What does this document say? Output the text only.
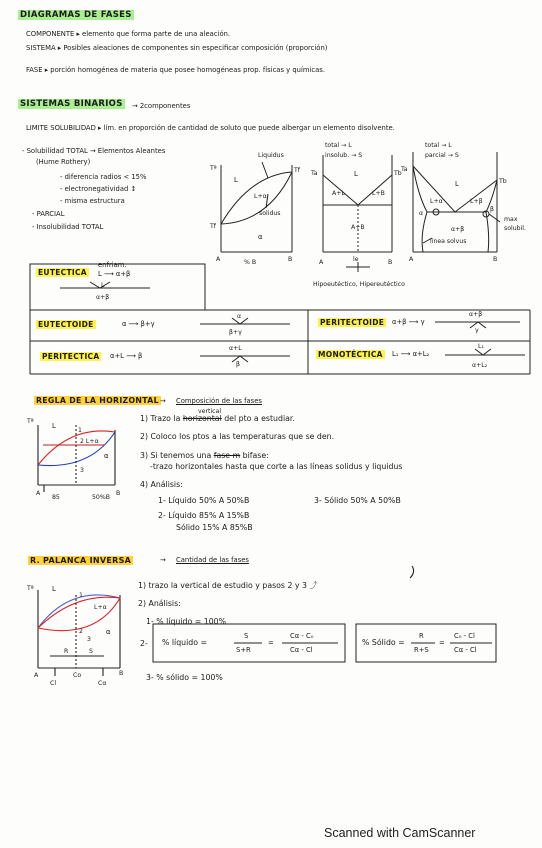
DIAGRAMAS DE FASES
COMPONENTE ▸ elemento que forma parte de una aleación.
SISTEMA ▸ Posibles aleaciones de componentes sin especificar composición (proporción)
FASE ▸ porción homogénea de materia que posee homogéneas prop. físicas y químicas.
SISTEMAS BINARIOS → 2componentes
LIMITE SOLUBILIDAD ▸ lim. en proporción de cantidad de soluto que puede albergar un elemento disolvente.
- Solubilidad TOTAL → Elementos Aleantes
(Hume Rothery)
- diferencia radios < 15%
- electronegatividad ↕
- misma estructura
- PARCIAL
- Insolubilidad TOTAL
Liquidus
solidus
Tª	Tf
Tf
L
L+α
α
A	% B	B
total → L
insolub. → S
Ta	Tb
L
A+L	L+B
A+B
le
A	B
Hipoeutéctico, Hipereutéctico
total → L
parcial → S
Ta
Tb
L
L+α	L+β
α
β
α+β
max
solubil.
línea solvus
A	B
EUTECTICA
enfriam.
L ⟶ α+β
L
α+β
EUTECTOIDE	α ⟶ β+γ
α
β+γ
PERITECTOIDE α+β ⟶ γ
α+β
γ
PERITECTICA α+L ⟶ β
α+L
β
MONOTÉCTICA L₁ ⟶ α+L₂
L₁
α+L₂
REGLA DE LA HORIZONTAL → Composición de las fases
Tª
L
1
2 L+α
3
α
A
85
B
50%B
1) Trazo la horizontal del pto a estudiar.
vertical
2) Coloco los ptos a las temperaturas que se den.
3) Si tenemos una fase m bifase:
-trazo horizontales hasta que corte a las líneas solidus y liquidus
4) Análisis:
1- Líquido 50% A 50%B
2- Líquido 85% A 15%B
Sólido 15% A 85%B
3- Sólido 50% A 50%B
R. PALANCA INVERSA	→ Cantidad de las fases
Tª	L
1
L+α
2
3
α
R	S
A	B
Cl
Co
Cα
1) trazo la vertical de estudio y pasos 2 y 3 ⤴
2) Análisis:
1- % líquido = 100%
2- % líquido =
S
S+R
=
Cα - C₀
Cα - Cl
% Sólido =
R
R+S
=
C₀ - Cl
Cα - Cl
3- % sólido = 100%
Scanned with CamScanner
